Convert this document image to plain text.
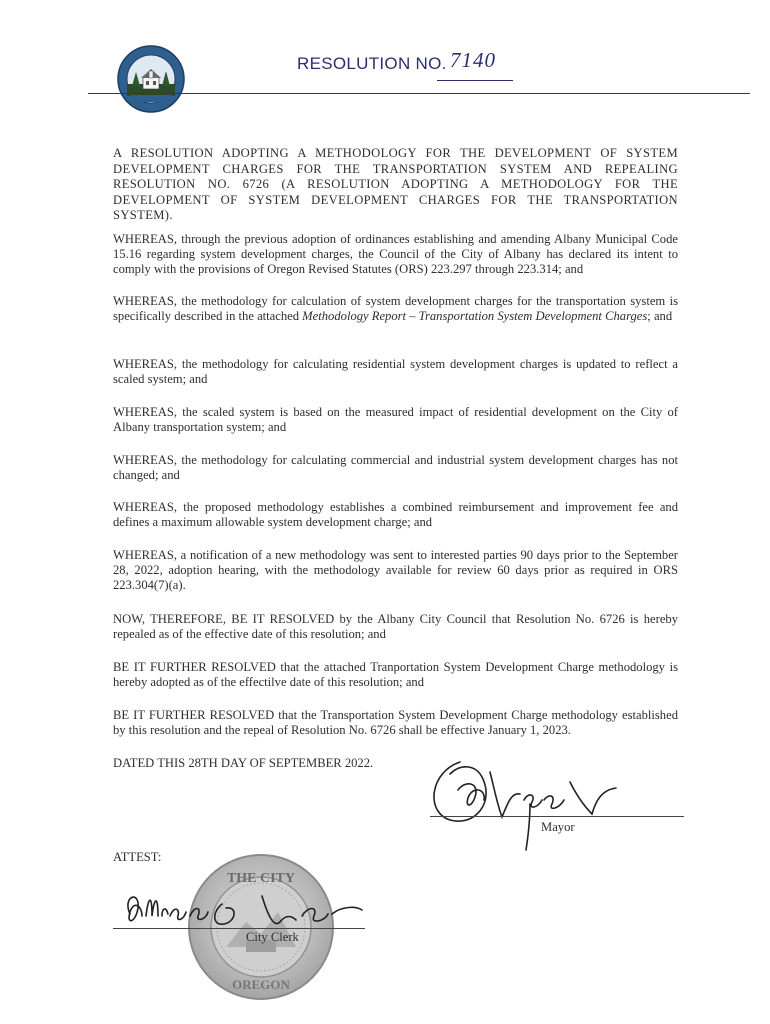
RESOLUTION NO. 7140
A RESOLUTION ADOPTING A METHODOLOGY FOR THE DEVELOPMENT OF SYSTEM DEVELOPMENT CHARGES FOR THE TRANSPORTATION SYSTEM AND REPEALING RESOLUTION NO. 6726 (A RESOLUTION ADOPTING A METHODOLOGY FOR THE DEVELOPMENT OF SYSTEM DEVELOPMENT CHARGES FOR THE TRANSPORTATION SYSTEM).
WHEREAS, through the previous adoption of ordinances establishing and amending Albany Municipal Code 15.16 regarding system development charges, the Council of the City of Albany has declared its intent to comply with the provisions of Oregon Revised Statutes (ORS) 223.297 through 223.314; and
WHEREAS, the methodology for calculation of system development charges for the transportation system is specifically described in the attached Methodology Report – Transportation System Development Charges; and
WHEREAS, the methodology for calculating residential system development charges is updated to reflect a scaled system; and
WHEREAS, the scaled system is based on the measured impact of residential development on the City of Albany transportation system; and
WHEREAS, the methodology for calculating commercial and industrial system development charges has not changed; and
WHEREAS, the proposed methodology establishes a combined reimbursement and improvement fee and defines a maximum allowable system development charge; and
WHEREAS, a notification of a new methodology was sent to interested parties 90 days prior to the September 28, 2022, adoption hearing, with the methodology available for review 60 days prior as required in ORS 223.304(7)(a).
NOW, THEREFORE, BE IT RESOLVED by the Albany City Council that Resolution No. 6726 is hereby repealed as of the effective date of this resolution; and
BE IT FURTHER RESOLVED that the attached Tranportation System Development Charge methodology is hereby adopted as of the effectilve date of this resolution; and
BE IT FURTHER RESOLVED that the Transportation System Development Charge methodology established by this resolution and the repeal of Resolution No. 6726 shall be effective January 1, 2023.
DATED THIS 28TH DAY OF SEPTEMBER 2022.
Mayor
ATTEST:
THE CITY
OREGON
City Clerk
